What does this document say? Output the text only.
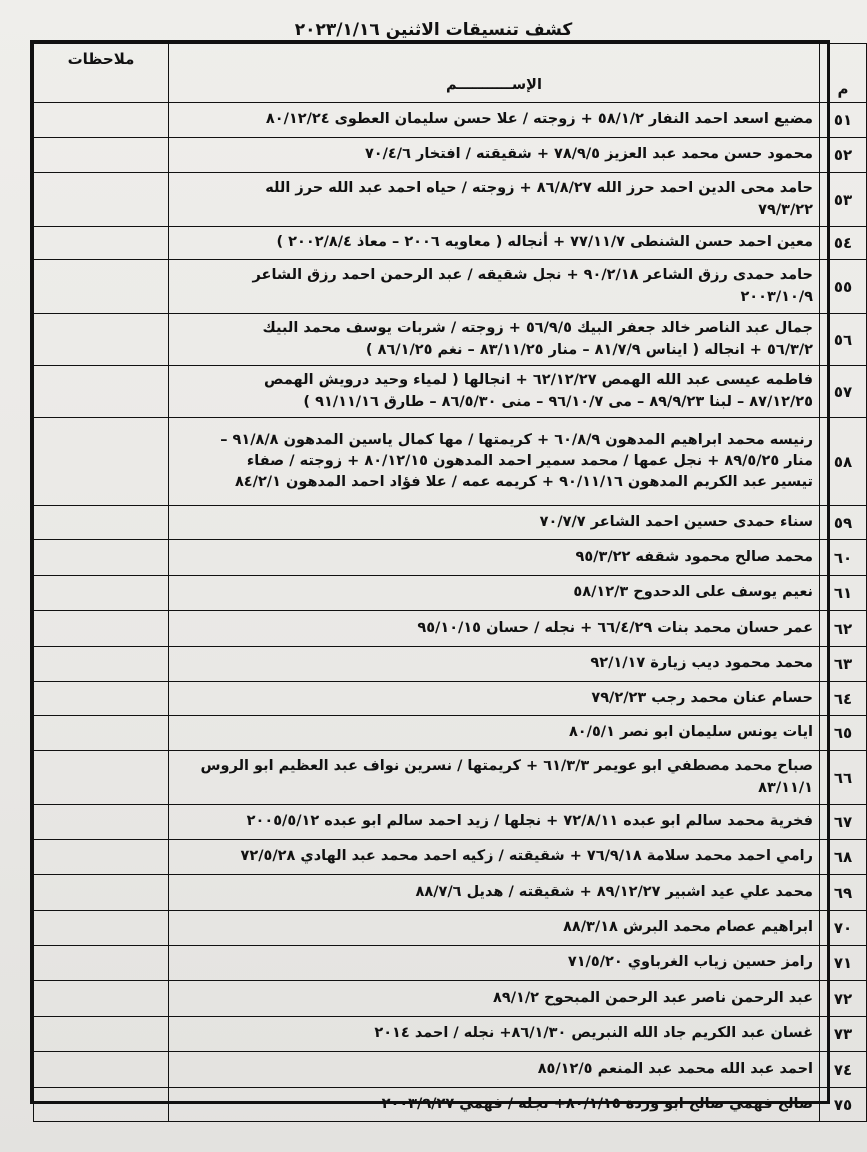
كشف تنسيقات الاثنين ٢٠٢٣/١/١٦
م	الإســـــــــــم	ملاحظات
٥١	مضيع اسعد احمد النفار ٥٨/١/٢ + زوجته / علا حسن سليمان العطوى ٨٠/١٢/٢٤	
٥٢	محمود حسن محمد عبد العزيز ٧٨/٩/٥ + شقيقته / افتخار ٧٠/٤/٦	
٥٣	حامد محى الدين احمد حرز الله ٨٦/٨/٢٧ + زوجته / حياه احمد عبد الله حرز الله
٧٩/٣/٢٢	
٥٤	معين احمد حسن الشنطى ٧٧/١١/٧ + أنجاله ( معاويه ٢٠٠٦ – معاذ ٢٠٠٢/٨/٤ )	
٥٥	حامد حمدى رزق الشاعر ٩٠/٢/١٨ + نجل شقيقه / عبد الرحمن احمد رزق الشاعر
٢٠٠٣/١٠/٩	
٥٦	جمال عبد الناصر خالد جعفر البيك ٥٦/٩/٥ + زوجته / شربات يوسف محمد البيك
٥٦/٣/٢ + انجاله ( ايناس ٨١/٧/٩ – منار ٨٣/١١/٢٥ – نغم ٨٦/١/٢٥ )	
٥٧	فاطمه عيسى عبد الله الهمص ٦٢/١٢/٢٧ + انجالها ( لمياء وحيد درويش الهمص
٨٧/١٢/٢٥ – لبنا ٨٩/٩/٢٣ – مى ٩٦/١٠/٧ – منى ٨٦/٥/٣٠ – طارق ٩١/١١/١٦ )	
٥٨	رنيسه محمد ابراهيم المدهون ٦٠/٨/٩ + كريمتها / مها كمال ياسين المدهون ٩١/٨/٨ –
منار ٨٩/٥/٢٥ + نجل عمها / محمد سمير احمد المدهون ٨٠/١٢/١٥ + زوجته / صفاء
تيسير عبد الكريم المدهون ٩٠/١١/١٦ + كريمه عمه / علا فؤاد احمد المدهون ٨٤/٢/١	
٥٩	سناء حمدى حسين احمد الشاعر ٧٠/٧/٧	
٦٠	محمد صالح محمود شقفه ٩٥/٣/٢٢	
٦١	نعيم يوسف على الدحدوح ٥٨/١٢/٣	
٦٢	عمر حسان محمد بنات ٦٦/٤/٢٩ + نجله / حسان ٩٥/١٠/١٥	
٦٣	محمد محمود ديب زيارة ٩٢/١/١٧	
٦٤	حسام عنان محمد رجب ٧٩/٢/٢٣	
٦٥	ايات يونس سليمان ابو نصر ٨٠/٥/١	
٦٦	صباح محمد مصطفي ابو عويمر ٦١/٣/٣ + كريمتها / نسرين نواف عبد العظيم ابو الروس
٨٣/١١/١	
٦٧	فخرية محمد سالم ابو عبده ٧٢/٨/١١ + نجلها / زيد احمد سالم ابو عبده ٢٠٠٥/٥/١٢	
٦٨	رامي احمد محمد سلامة ٧٦/٩/١٨ + شقيقته / زكيه احمد محمد عبد الهادي ٧٢/٥/٢٨	
٦٩	محمد علي عيد اشبير ٨٩/١٢/٢٧ + شقيقته / هديل ٨٨/٧/٦	
٧٠	ابراهيم عصام محمد البرش ٨٨/٣/١٨	
٧١	رامز حسين زياب الغرباوي ٧١/٥/٢٠	
٧٢	عبد الرحمن ناصر عبد الرحمن المبحوح ٨٩/١/٢	
٧٣	غسان عبد الكريم جاد الله النبريص ٨٦/١/٣٠+ نجله / احمد ٢٠١٤	
٧٤	احمد عبد الله محمد عبد المنعم ٨٥/١٢/٥	
٧٥	صالح فهمي صالح ابو وردة ٨٠/١/١٥+ نجله / فهمي ٢٠٠٣/٩/٢٧	
